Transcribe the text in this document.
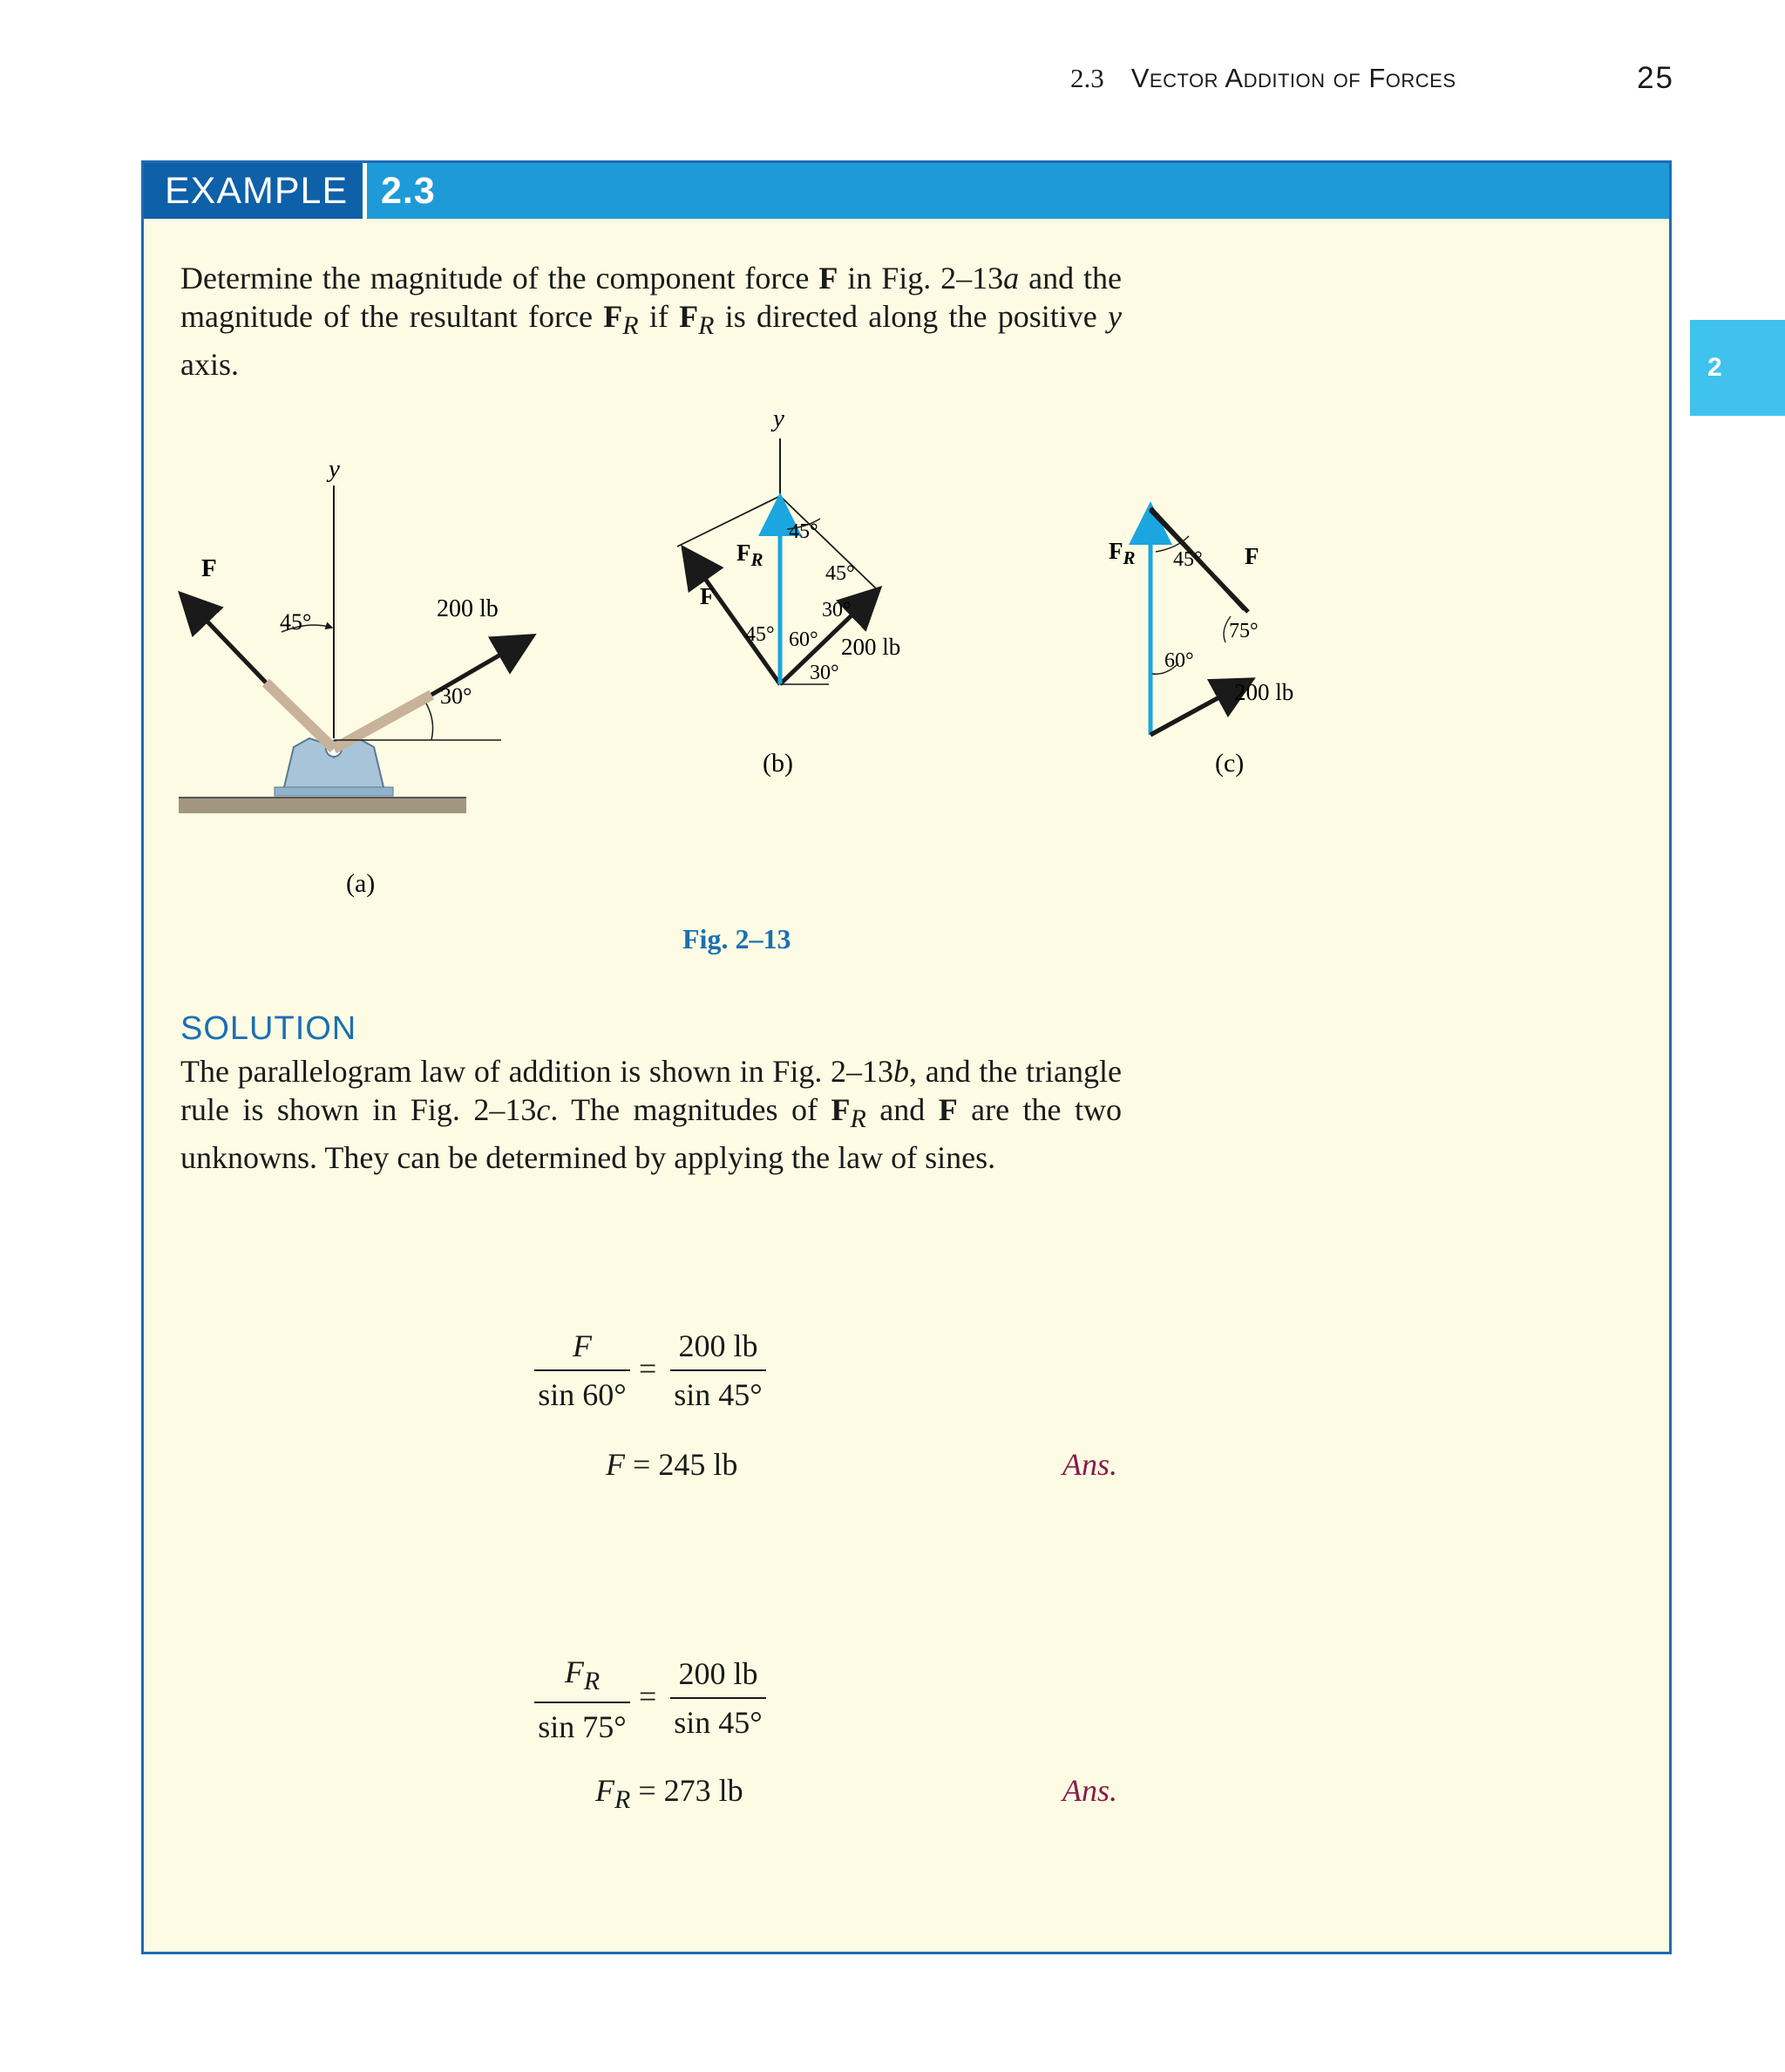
2.3 Vector Addition of Forces	25
2
EXAMPLE 2.3
Determine the magnitude of the component force F in Fig. 2–13a and the magnitude of the resultant force $F_R$ if $F_R$ is directed along the positive y axis.
y
F
200 lb
45°
30°
(a)
y
F
200 lb
$F_R$
45°
45°
30°
45° 60°
30°
(b)
$F_R$	F
200 lb
45°
75°
60°
(c)
Fig. 2–13
SOLUTION
The parallelogram law of addition is shown in Fig. 2–13b, and the triangle rule is shown in Fig. 2–13c. The magnitudes of $F_R$ and F are the two unknowns. They can be determined by applying the law of sines.
F
sin 60°
=
200 lb
sin 45°
F = 245 lb	Ans.
$F_R$
sin 75°
=
200 lb
sin 45°
$F_R = 273$ lb	Ans.
